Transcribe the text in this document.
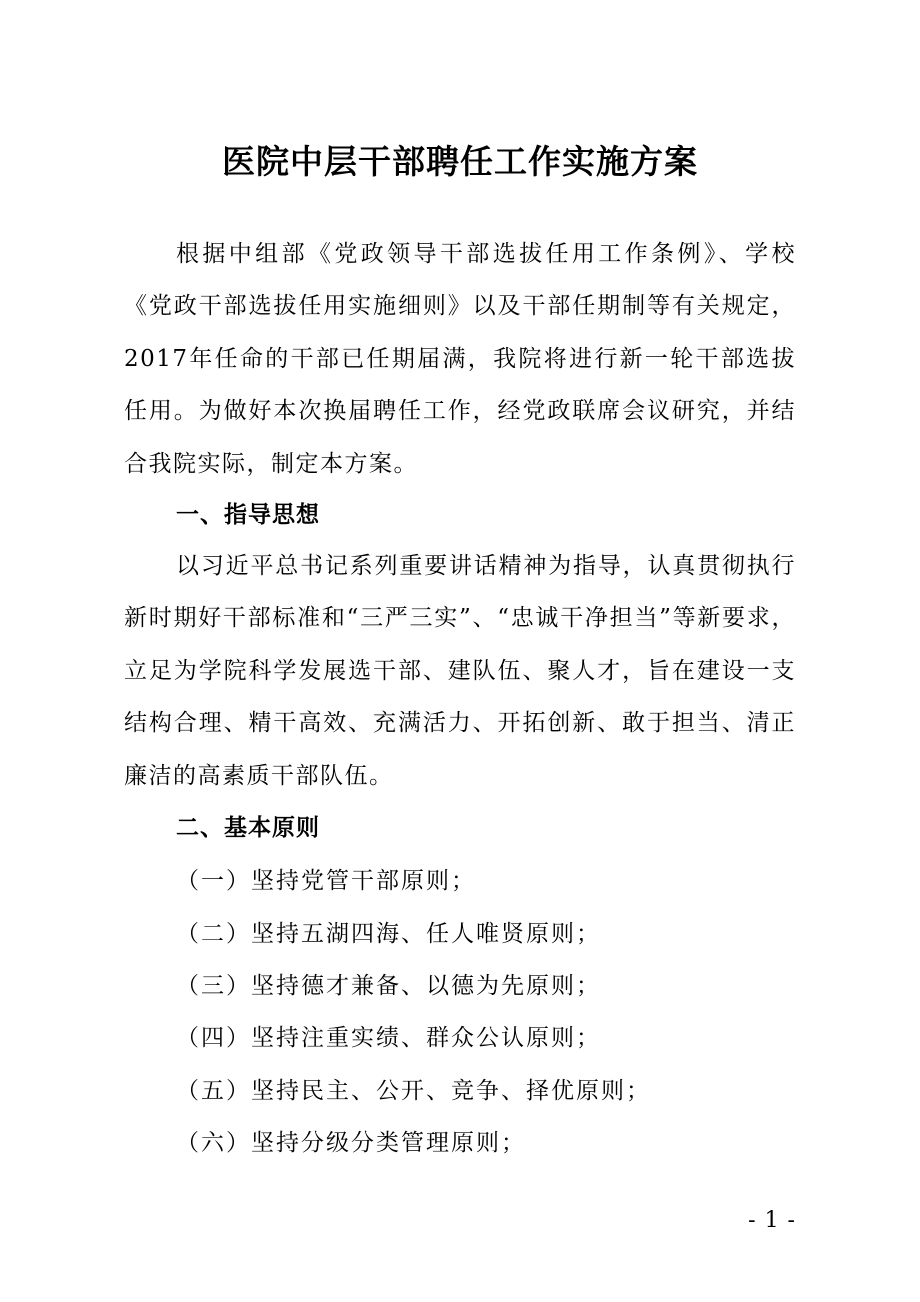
医院中层干部聘任工作实施方案

根据中组部《党政领导干部选拔任用工作条例》、学校《党政干部选拔任用实施细则》以及干部任期制等有关规定，2017年任命的干部已任期届满，我院将进行新一轮干部选拔任用。为做好本次换届聘任工作，经党政联席会议研究，并结合我院实际，制定本方案。

一、指导思想

以习近平总书记系列重要讲话精神为指导，认真贯彻执行新时期好干部标准和“三严三实”、“忠诚干净担当”等新要求，立足为学院科学发展选干部、建队伍、聚人才，旨在建设一支结构合理、精干高效、充满活力、开拓创新、敢于担当、清正廉洁的高素质干部队伍。

二、基本原则

（一）坚持党管干部原则；

（二）坚持五湖四海、任人唯贤原则；

（三）坚持德才兼备、以德为先原则；

（四）坚持注重实绩、群众公认原则；

（五）坚持民主、公开、竞争、择优原则；

（六）坚持分级分类管理原则；

- 1 -
